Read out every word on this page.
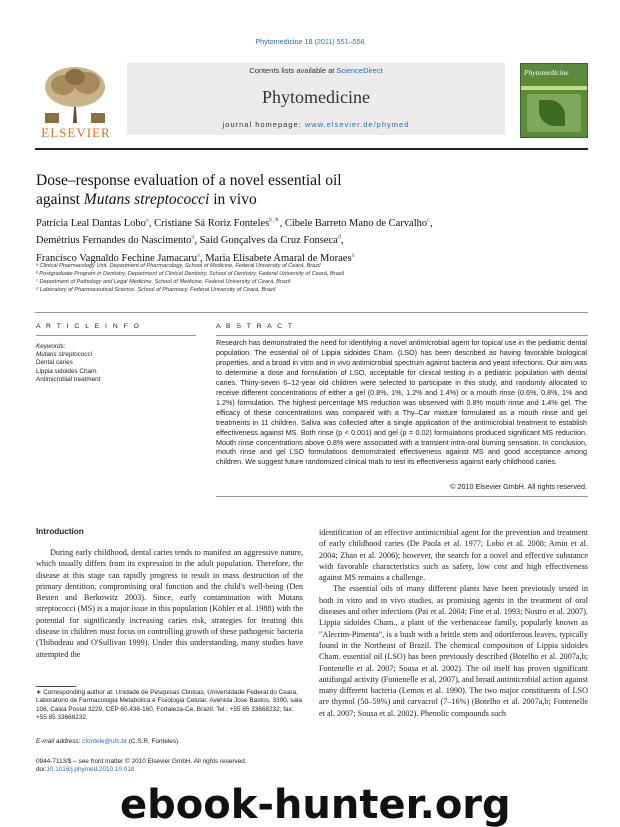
Phytomedicine 18 (2011) 551–556
ELSEVIER
Contents lists available at ScienceDirect
Phytomedicine
journal homepage: www.elsevier.de/phymed
Phytomedicine
Dose–response evaluation of a novel essential oil
against Mutans streptococci in vivo
Patrícia Leal Dantas Lobo$^a$, Cristiane Sá Roriz Fonteles$^{b,∗}$, Cibele Barreto Mano de Carvalho$^c$,
Demétrius Fernandes do Nascimento$^a$, Said Gonçalves da Cruz Fonseca$^d$,
Francisco Vagnaldo Fechine Jamacaru$^a$, Maria Elisabete Amaral de Moraes$^a$
ᵃ Clinical Pharmacology Unit, Department of Pharmacology, School of Medicine, Federal University of Ceará, Brazil
ᵇ Postgraduate Program in Dentistry, Department of Clinical Dentistry, School of Dentistry, Federal University of Ceará, Brazil
ᶜ Department of Pathology and Legal Medicine, School of Medicine, Federal University of Ceará, Brazil
ᵈ Laboratory of Pharmaceutical Science, School of Pharmacy, Federal University of Ceará, Brazil
A R T I C L E I N F O	A B S T R A C T
Keywords:
Mutans streptococci
Dental caries
Lippia sidoides Cham.
Antimicrobial treatment
Research has demonstrated the need for identifying a novel antimicrobial agent for topical use in the pediatric dental population. The essential oil of Lippia sidoides Cham. (LSO) has been described as having favorable biological properties, and a broad in vitro and in vivo antimicrobial spectrum against bacteria and yeast infections. Our aim was to determine a dose and formulation of LSO, acceptable for clinical testing in a pediatric population with dental caries. Thirty-seven 6–12-year old children were selected to participate in this study, and randomly allocated to receive different concentrations of either a gel (0.8%, 1%, 1.2% and 1.4%) or a mouth rinse (0.6%, 0.8%, 1% and 1.2%) formulation. The highest percentage MS reduction was observed with 0.8% mouth rinse and 1.4% gel. The efficacy of these concentrations was compared with a Thy–Car mixture formulated as a mouth rinse and gel treatments in 11 children. Saliva was collected after a single application of the antimicrobial treatment to establish effectiveness against MS. Both rinse (p < 0.001) and gel (p = 0.02) formulations produced significant MS reduction. Mouth rinse concentrations above 0.8% were associated with a transient intra-oral burning sensation. In conclusion, mouth rinse and gel LSO formulations demonstrated effectiveness against MS and good acceptance among children. We suggest future randomized clinical trials to test its effectiveness against early childhood caries.
© 2010 Elsevier GmbH. All rights reserved.
Introduction
During early childhood, dental caries tends to manifest an aggressive nature, which usually differs from its expression in the adult population. Therefore, the disease at this stage can rapidly progress to result in mass destruction of the primary dentition, compromising oral function and the child's well-being (Den Besten and Berkowitz 2003). Since, early contamination with Mutans streptococci (MS) is a major issue in this population (Köhler et al. 1988) with the potential for significantly increasing caries risk, strategies for treating this disease in children must focus on controlling growth of these pathogenic bacteria (Thibodeau and O'Sullivan 1999). Under this understanding, many studies have attempted the

identification of an effective antimicrobial agent for the prevention and treatment of early childhood caries (De Paola et al. 1977; Lobo et al. 2008; Amin et al. 2004; Zhan et al. 2006); however, the search for a novel and effective substance with favorable characteristics such as safety, low cost and high effectiveness against MS remains a challenge.

The essential oils of many different plants have been previously tested in both in vitro and in vivo studies, as promising agents in the treatment of oral diseases and other infections (Pai et al. 2004; Fine et al. 1993; Nostro et al. 2007). Lippia sidoides Cham., a plant of the verbenaceae family, popularly known as "Alecrim-Pimenta", is a bush with a brittle stem and odoriferous leaves, typically found in the Northeast of Brazil. The chemical composition of Lippia sidoides Cham. essential oil (LSO) has been previously described (Botelho et al. 2007a,b; Fontenelle et al. 2007; Sousa et al. 2002). The oil itself has proven significant antifungal activity (Fontenelle et al. 2007), and broad antimicrobial action against many different bacteria (Lemos et al. 1990). The two major constituents of LSO are thymol (50–59%) and carvacrol (7–16%) (Botelho et al. 2007a,b; Fontenelle et al. 2007; Sousa et al. 2002). Phenolic compounds such

∗ Corresponding author at: Unidade de Pesquisas Clinicas, Universidade Federal do Ceara, Laboratorio de Farmacologia Metabolica e Fisiologia Celular, Avenida Jose Bastos, 3390, sala 106, Caixa Postal 3229, CEP 60.436-160, Fortaleza-Ce, Brazil. Tel.: +55 85 33668232; fax: +55 85 33668232.
E-mail address: cfontele@ufc.br (C.S.R. Fonteles).
0944-7113/$ – see front matter © 2010 Elsevier GmbH. All rights reserved.
doi:10.1016/j.phymed.2010.10.018
ebook-hunter.org
